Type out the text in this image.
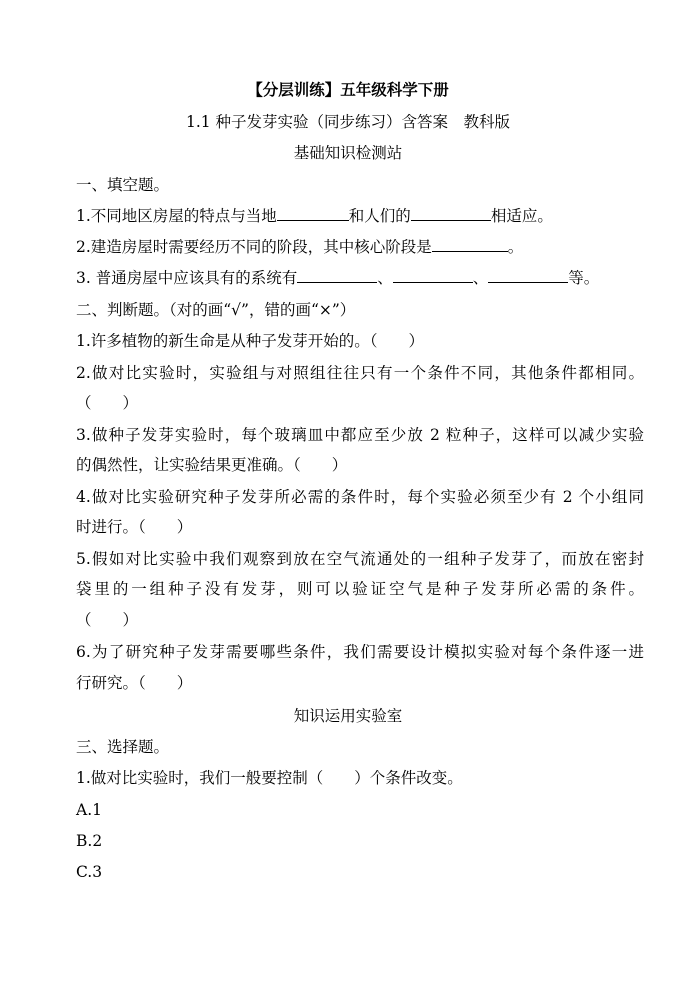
【分层训练】五年级科学下册
1.1 种子发芽实验（同步练习）含答案　教科版
基础知识检测站
一、填空题。
1.不同地区房屋的特点与当地	和人们的	相适应。
2.建造房屋时需要经历不同的阶段，其中核心阶段是	。
3. 普通房屋中应该具有的系统有	、	、	等。
二、判断题。（对的画“√”，错的画“×”）
1.许多植物的新生命是从种子发芽开始的。（　　）
2.做对比实验时，实验组与对照组往往只有一个条件不同，其他条件都相同。
（　　）
3.做种子发芽实验时，每个玻璃皿中都应至少放 2 粒种子，这样可以减少实验
的偶然性，让实验结果更准确。（　　）
4.做对比实验研究种子发芽所必需的条件时，每个实验必须至少有 2 个小组同
时进行。（　　）
5.假如对比实验中我们观察到放在空气流通处的一组种子发芽了，而放在密封
袋里的一组种子没有发芽，则可以验证空气是种子发芽所必需的条件。
（　　）
6.为了研究种子发芽需要哪些条件，我们需要设计模拟实验对每个条件逐一进
行研究。（　　）
知识运用实验室
三、选择题。
1.做对比实验时，我们一般要控制（　　）个条件改变。
A.1
B.2
C.3
